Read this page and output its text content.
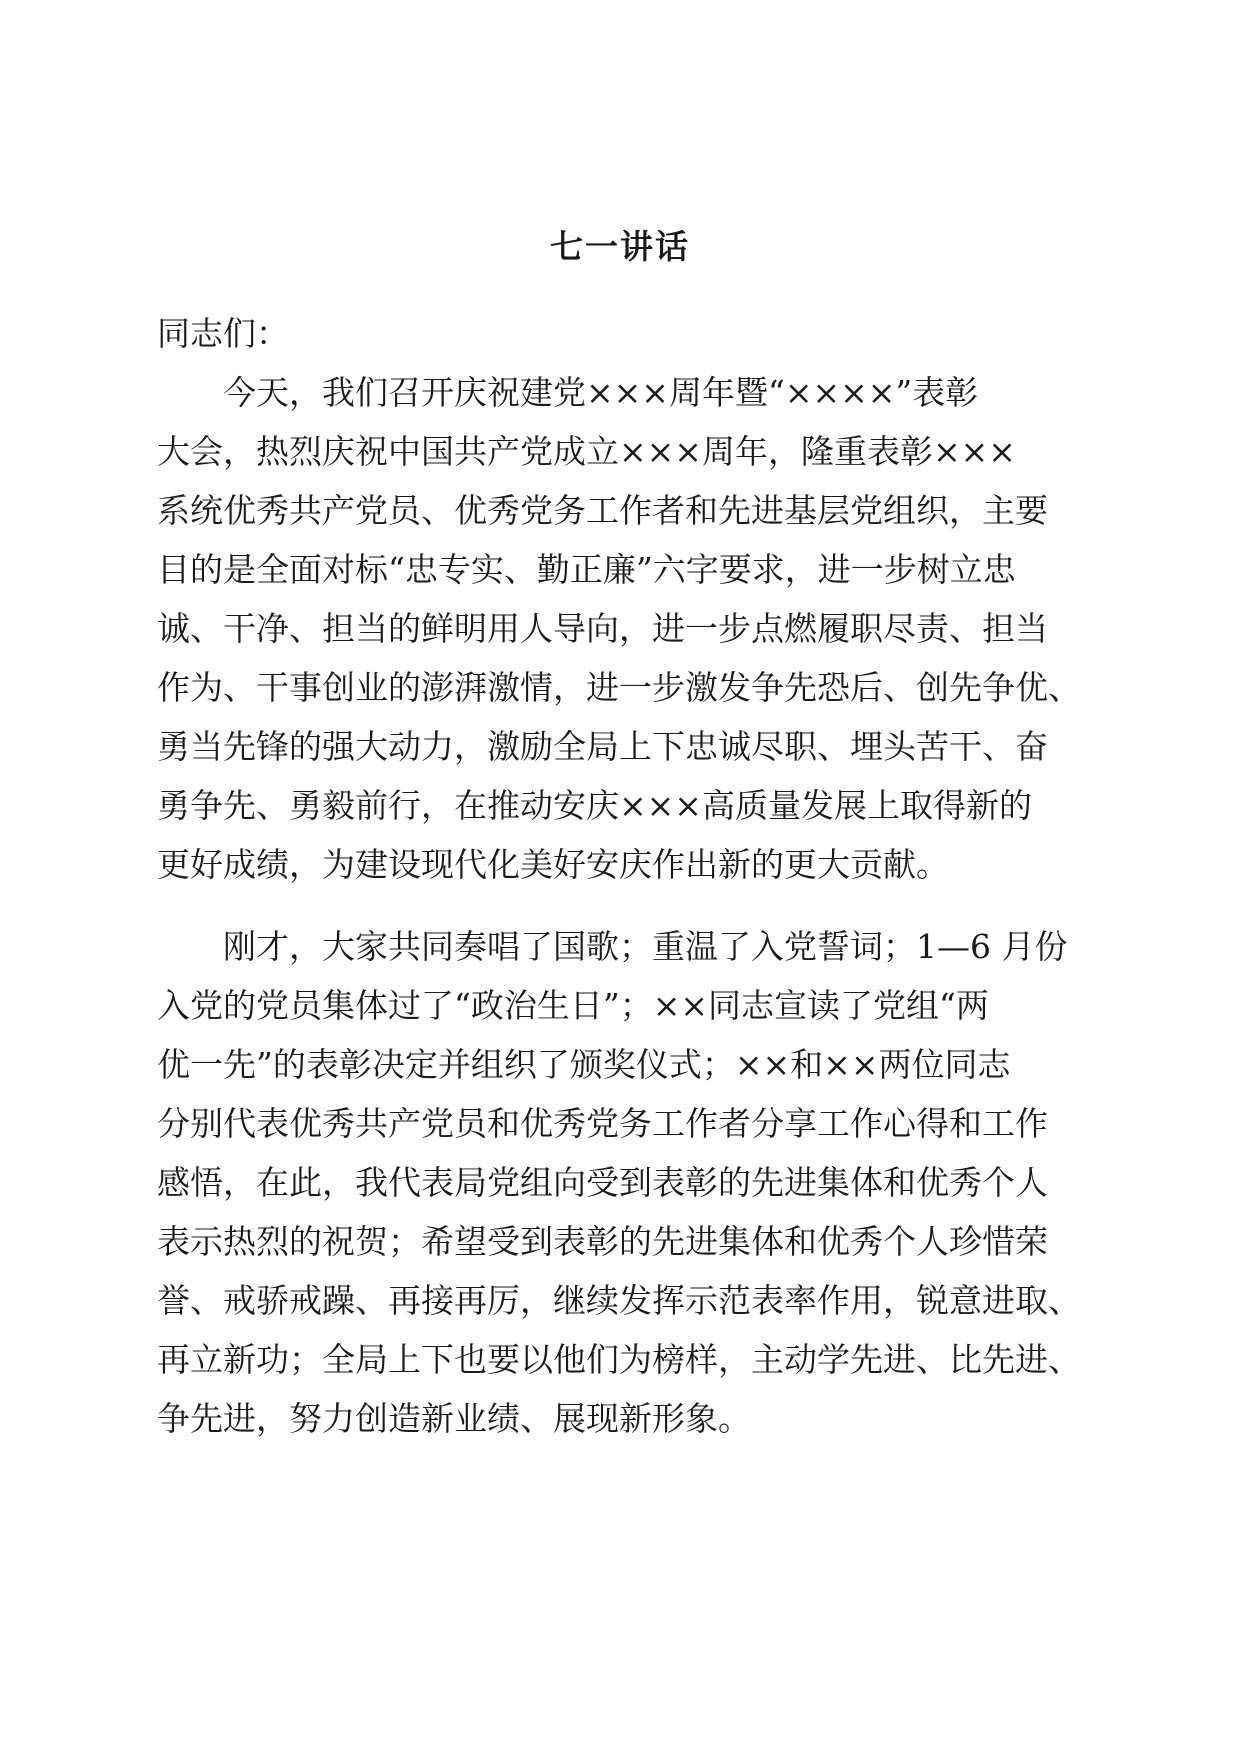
七一讲话
同志们：
今天，我们召开庆祝建党×××周年暨“××××”表彰
大会，热烈庆祝中国共产党成立×××周年，隆重表彰×××
系统优秀共产党员、优秀党务工作者和先进基层党组织，主要
目的是全面对标“忠专实、勤正廉”六字要求，进一步树立忠
诚、干净、担当的鲜明用人导向，进一步点燃履职尽责、担当
作为、干事创业的澎湃激情，进一步激发争先恐后、创先争优、
勇当先锋的强大动力，激励全局上下忠诚尽职、埋头苦干、奋
勇争先、勇毅前行，在推动安庆×××高质量发展上取得新的
更好成绩，为建设现代化美好安庆作出新的更大贡献。
刚才，大家共同奏唱了国歌；重温了入党誓词；1—6 月份
入党的党员集体过了“政治生日”；××同志宣读了党组“两
优一先”的表彰决定并组织了颁奖仪式；××和××两位同志
分别代表优秀共产党员和优秀党务工作者分享工作心得和工作
感悟，在此，我代表局党组向受到表彰的先进集体和优秀个人
表示热烈的祝贺；希望受到表彰的先进集体和优秀个人珍惜荣
誉、戒骄戒躁、再接再厉，继续发挥示范表率作用，锐意进取、
再立新功；全局上下也要以他们为榜样，主动学先进、比先进、
争先进，努力创造新业绩、展现新形象。
